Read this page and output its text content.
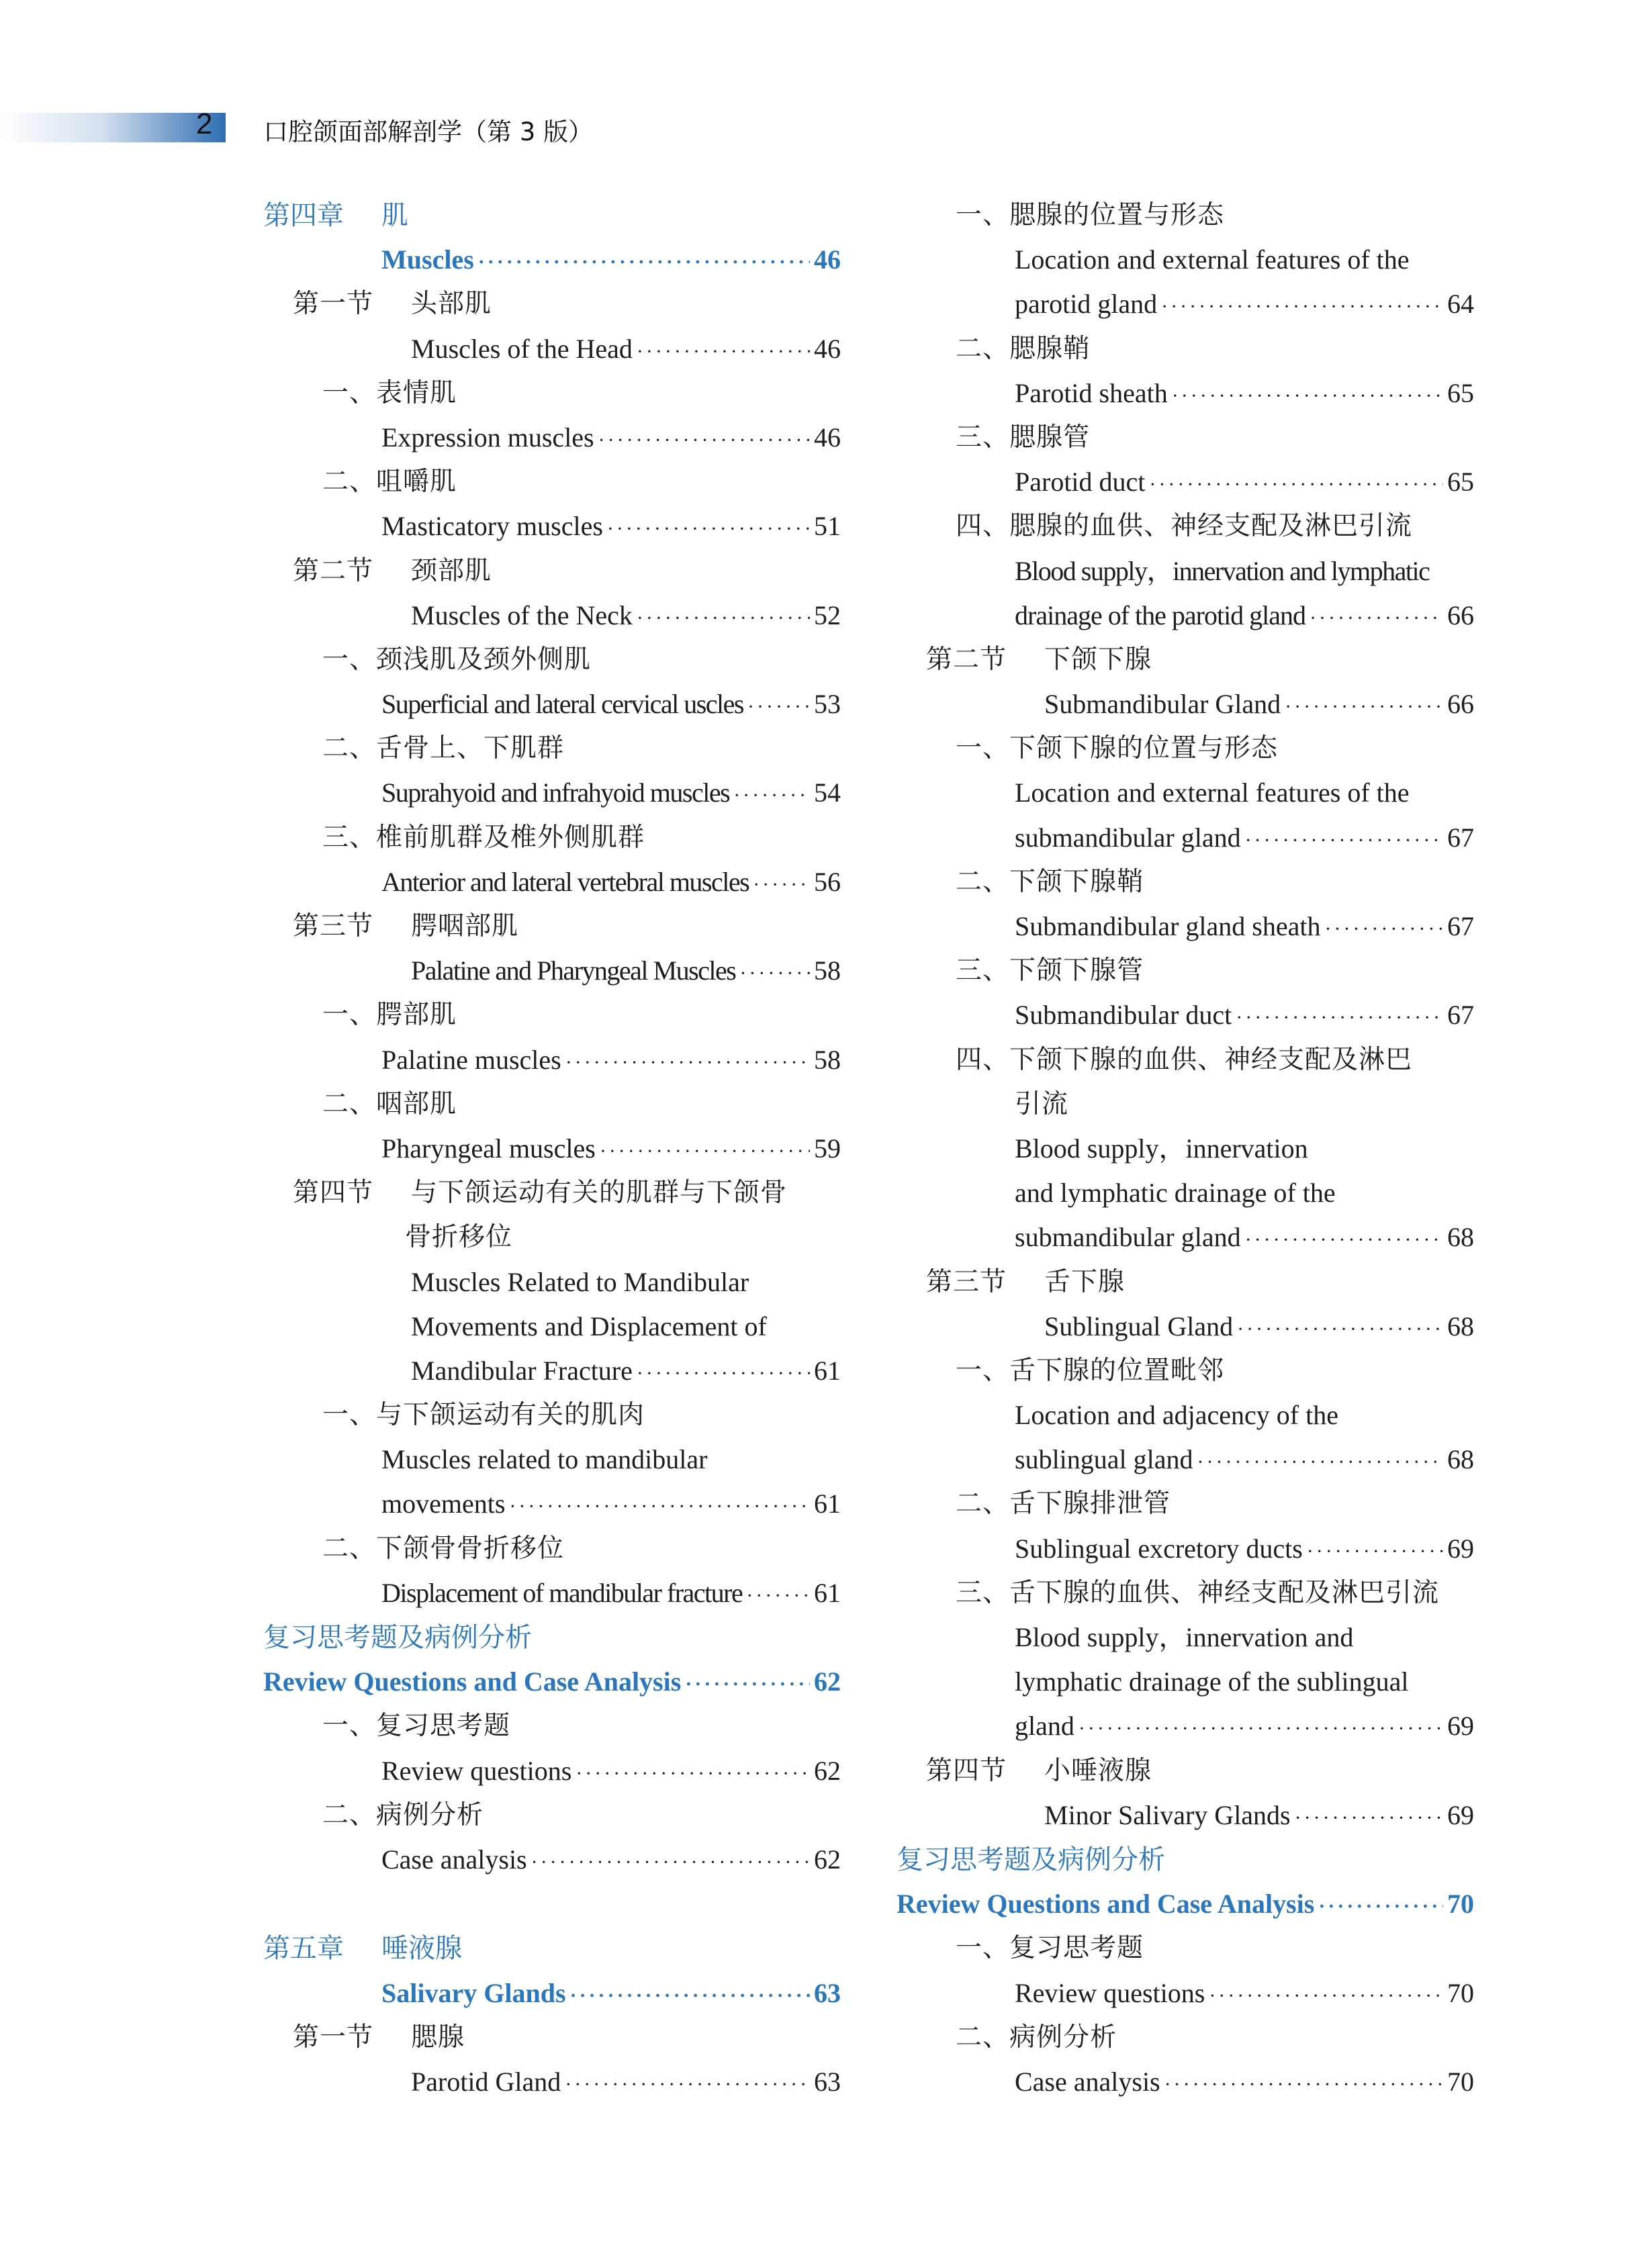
2 口腔颌面部解剖学（第 3 版）
第四章	肌
Muscles ·····	46
第一节	头部肌
Muscles of the Head ·····	46
一、表情肌
Expression muscles ·····	46
二、咀嚼肌
Masticatory muscles ·····	51
第二节	颈部肌
Muscles of the Neck ·····	52
一、颈浅肌及颈外侧肌
Superficial and lateral cervical uscles ·····	53
二、舌骨上、下肌群
Suprahyoid and infrahyoid muscles ·····	54
三、椎前肌群及椎外侧肌群
Anterior and lateral vertebral muscles ····· 56
第三节	腭咽部肌
Palatine and Pharyngeal Muscles ·····	58
一、腭部肌
Palatine muscles ·····	58
二、咽部肌
Pharyngeal muscles ·····	59
第四节	与下颌运动有关的肌群与下颌骨
骨折移位
Muscles Related to Mandibular
Movements and Displacement of
Mandibular Fracture ·····	61
一、与下颌运动有关的肌肉
Muscles related to mandibular
movements ·····	61
二、下颌骨骨折移位
Displacement of mandibular fracture ·····	61
复习思考题及病例分析
Review Questions and Case Analysis ·····	62
一、复习思考题
Review questions ·····	62
二、病例分析
Case analysis ·····	62
第五章	唾液腺
Salivary Glands ·····	63
第一节	腮腺
Parotid Gland ·····	63
一、腮腺的位置与形态
Location and external features of the
parotid gland ·····	64
二、腮腺鞘
Parotid sheath ·····	65
三、腮腺管
Parotid duct ·····	65
四、腮腺的血供、神经支配及淋巴引流
Blood supply，innervation and lymphatic
drainage of the parotid gland ·····	66
第二节	下颌下腺
Submandibular Gland ·····	66
一、下颌下腺的位置与形态
Location and external features of the
submandibular gland ·····	67
二、下颌下腺鞘
Submandibular gland sheath ·····	67
三、下颌下腺管
Submandibular duct ·····	67
四、下颌下腺的血供、神经支配及淋巴
引流
Blood supply，innervation
and lymphatic drainage of the
submandibular gland ·····	68
第三节	舌下腺
Sublingual Gland ·····	68
一、舌下腺的位置毗邻
Location and adjacency of the
sublingual gland ·····	68
二、舌下腺排泄管
Sublingual excretory ducts ·····	69
三、舌下腺的血供、神经支配及淋巴引流
Blood supply，innervation and
lymphatic drainage of the sublingual
gland ·····	69
第四节	小唾液腺
Minor Salivary Glands ·····	69
复习思考题及病例分析
Review Questions and Case Analysis ·····	70
一、复习思考题
Review questions ·····	70
二、病例分析
Case analysis ·····	70
